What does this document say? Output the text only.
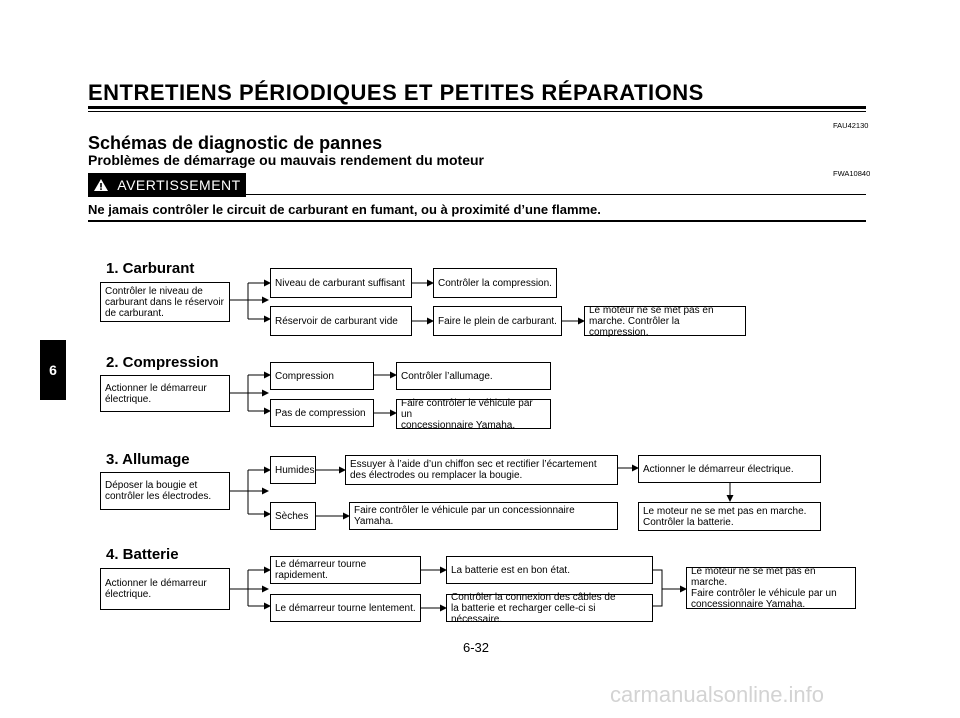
ENTRETIENS PÉRIODIQUES ET PETITES RÉPARATIONS
FAU42130
Schémas de diagnostic de pannes
Problèmes de démarrage ou mauvais rendement du moteur
FWA10840
AVERTISSEMENT
Ne jamais contrôler le circuit de carburant en fumant, ou à proximité d’une flamme.
6
1. Carburant
Contrôler le niveau de
carburant dans le réservoir
de carburant.
Niveau de carburant suffisant	Contrôler la compression.
Réservoir de carburant vide	Faire le plein de carburant.
Le moteur ne se met pas en
marche. Contrôler la compression.
2. Compression
Actionner le démarreur
électrique.
Compression	Contrôler l’allumage.
Pas de compression
Faire contrôler le véhicule par un
concessionnaire Yamaha.
3. Allumage
Déposer la bougie et
contrôler les électrodes.
Humides	Essuyer à l’aide d’un chiffon sec et rectifier l’écartement
des électrodes ou remplacer la bougie.
Actionner le démarreur électrique.
Le moteur ne se met pas en marche.
Contrôler la batterie.
Sèches	Faire contrôler le véhicule par un concessionnaire Yamaha.
4. Batterie
Actionner le démarreur
électrique.
Le démarreur tourne rapidement.	La batterie est en bon état.
Le démarreur tourne lentement.
Contrôler la connexion des câbles de
la batterie et recharger celle-ci si nécessaire.
Le moteur ne se met pas en marche.
Faire contrôler le véhicule par un
concessionnaire Yamaha.
6-32
carmanualsonline.info
